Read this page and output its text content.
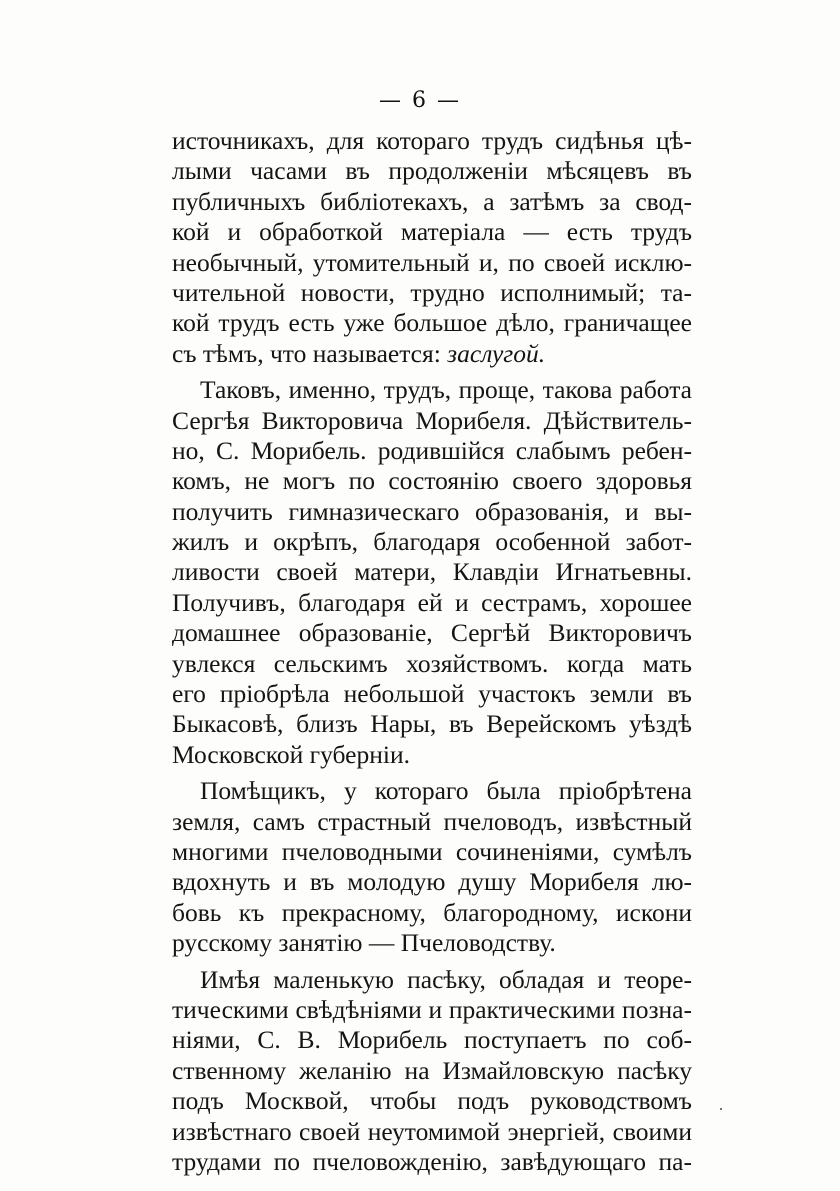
— 6 —
источникахъ, для котораго трудъ сидѣнья цѣ-
лыми часами въ продолженіи мѣсяцевъ въ
публичныхъ библіотекахъ, а затѣмъ за свод-
кой и обработкой матеріала — есть трудъ
необычный, утомительный и, по своей исклю-
чительной новости, трудно исполнимый; та-
кой трудъ есть уже большое дѣло, граничащее
съ тѣмъ, что называется: заслугой.
Таковъ, именно, трудъ, проще, такова работа
Сергѣя Викторовича Морибеля. Дѣйствитель-
но, С. Морибель. родившійся слабымъ ребен-
комъ, не могъ по состоянію своего здоровья
получить гимназическаго образованія, и вы-
жилъ и окрѣпъ, благодаря особенной забот-
ливости своей матери, Клавдіи Игнатьевны.
Получивъ, благодаря ей и сестрамъ, хорошее
домашнее образованіе, Сергѣй Викторовичъ
увлекся сельскимъ хозяйствомъ. когда мать
его пріобрѣла небольшой участокъ земли въ
Быкасовѣ, близъ Нары, въ Верейскомъ уѣздѣ
Московской губерніи.
Помѣщикъ, у котораго была пріобрѣтена
земля, самъ страстный пчеловодъ, извѣстный
многими пчеловодными сочиненіями, сумѣлъ
вдохнуть и въ молодую душу Морибеля лю-
бовь къ прекрасному, благородному, искони
русскому занятію — Пчеловодству.
Имѣя маленькую пасѣку, обладая и теоре-
тическими свѣдѣніями и практическими позна-
ніями, С. В. Морибель поступаетъ по соб-
ственному желанію на Измайловскую пасѣку
подъ Москвой, чтобы подъ руководствомъ
извѣстнаго своей неутомимой энергіей, своими
трудами по пчеловожденію, завѣдующаго па-
